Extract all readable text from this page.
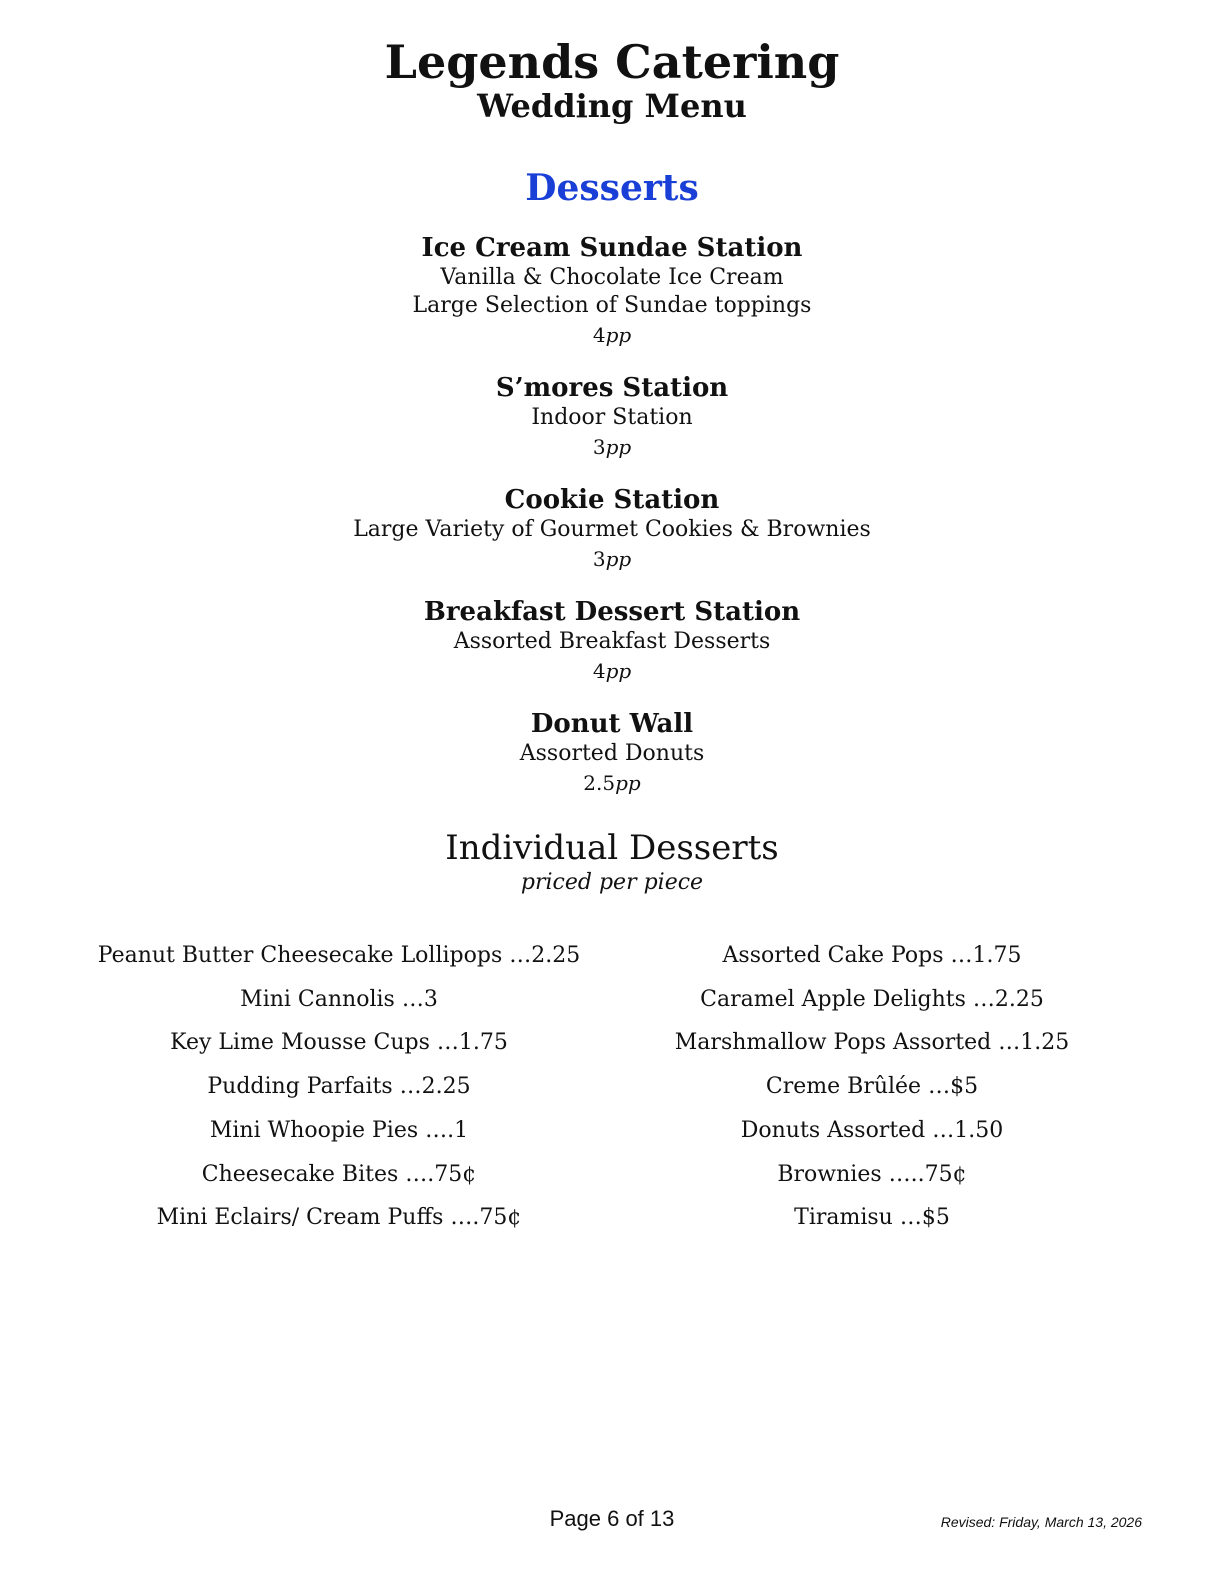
Legends Catering
Wedding Menu
Desserts
Ice Cream Sundae Station
Vanilla & Chocolate Ice Cream
Large Selection of Sundae toppings
4pp
S’mores Station
Indoor Station
3pp
Cookie Station
Large Variety of Gourmet Cookies & Brownies
3pp
Breakfast Dessert Station
Assorted Breakfast Desserts
4pp
Donut Wall
Assorted Donuts
2.5pp
Individual Desserts
priced per piece
Peanut Butter Cheesecake Lollipops …2.25
Mini Cannolis …3
Key Lime Mousse Cups …1.75
Pudding Parfaits …2.25
Mini Whoopie Pies ….1
Cheesecake Bites ….75¢
Mini Eclairs/ Cream Puffs ….75¢
Assorted Cake Pops …1.75
Caramel Apple Delights …2.25
Marshmallow Pops Assorted …1.25
Creme Brûlée …$5
Donuts Assorted …1.50
Brownies …..75¢
Tiramisu …$5
Page 6 of 13	Revised: Friday, March 13, 2026
